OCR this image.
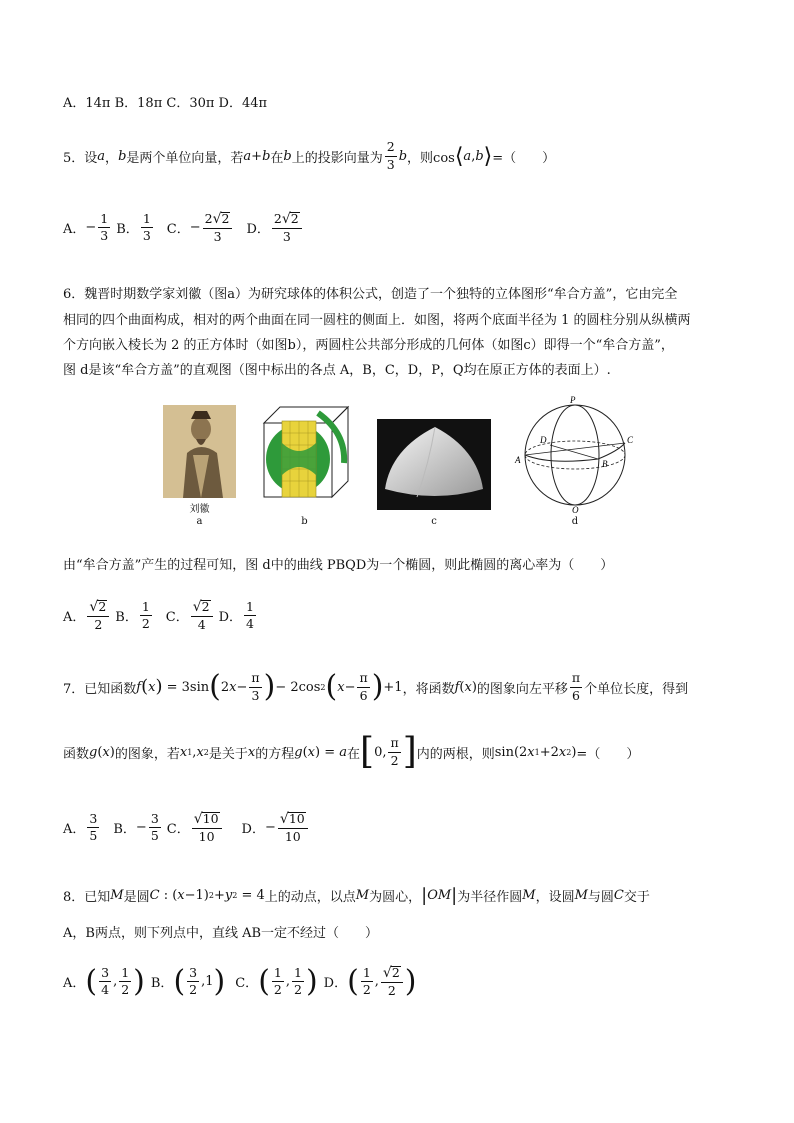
A．14π B．18π C．30π D．44π
5．设 a ， b 是两个单位向量，若 a + b 在 b 上的投影向量为 $\frac{2}{3}$ b ，则cos ⟨ a , b ⟩ =（　　）
A． − $\frac{1}{3}$ B． $\frac{1}{3}$ C． − $\frac{2√2}{3}$ D． $\frac{2√2}{3}$
6．魏晋时期数学家刘徽（图a）为研究球体的体积公式，创造了一个独特的立体图形“牟合方盖”，它由完全
相同的四个曲面构成，相对的两个曲面在同一圆柱的侧面上．如图，将两个底面半径为 1 的圆柱分别从纵横两
个方向嵌入棱长为 2 的正方体时（如图b），两圆柱公共部分形成的几何体（如图c）即得一个“牟合方盖”，
图 d是该“牟合方盖”的直观图（图中标出的各点 A，B，C，D，P，Q均在原正方体的表面上）.
刘徽
a	b	c
P
D	C
A	B
Q
d
由“牟合方盖”产生的过程可知，图 d中的曲线 PBQD为一个椭圆，则此椭圆的离心率为（　　）
A． $\frac{√2}{2}$ B． $\frac{1}{2}$ C． $\frac{√2}{4}$ D． $\frac{1}{4}$
7．已知函数 f ( x ) = 3sin ( 2 $x - \frac{\pi}{3}$ ) − 2cos 2 ( $x - \frac{\pi}{6}$ ) +1 ，将函数 f ( x ) 的图象向左平移 $\frac{\pi}{6}$ 个单位长度，得到
函数 g ( x ) 的图象，若 x 1 , x 2 是关于 x 的方程 g ( x ) = a 在 [ 0, $\frac{\pi}{2}$ ] 内的两根，则 sin(2 x 1 +2 x 2 ) =（　　）
A． $\frac{3}{5}$ B． − $\frac{3}{5}$ C． $\frac{√10}{10}$ D． − $\frac{√10}{10}$
8．已知 M 是圆 C : ( x −1) 2 + y 2 = 4 上的动点，以点 M 为圆心， | OM | 为半径作圆 M ，设圆 M 与圆 C 交于
A，B两点，则下列点中，直线 AB一定不经过（　　）
A． ( $\frac{3}{4}$ , $\frac{1}{2}$ ) B． ( $\frac{3}{2} ,1$ ) C． ( $\frac{1}{2}$ , $\frac{1}{2}$ ) D． ( $\frac{1}{2}$ , $\frac{√2}{2}$ )
